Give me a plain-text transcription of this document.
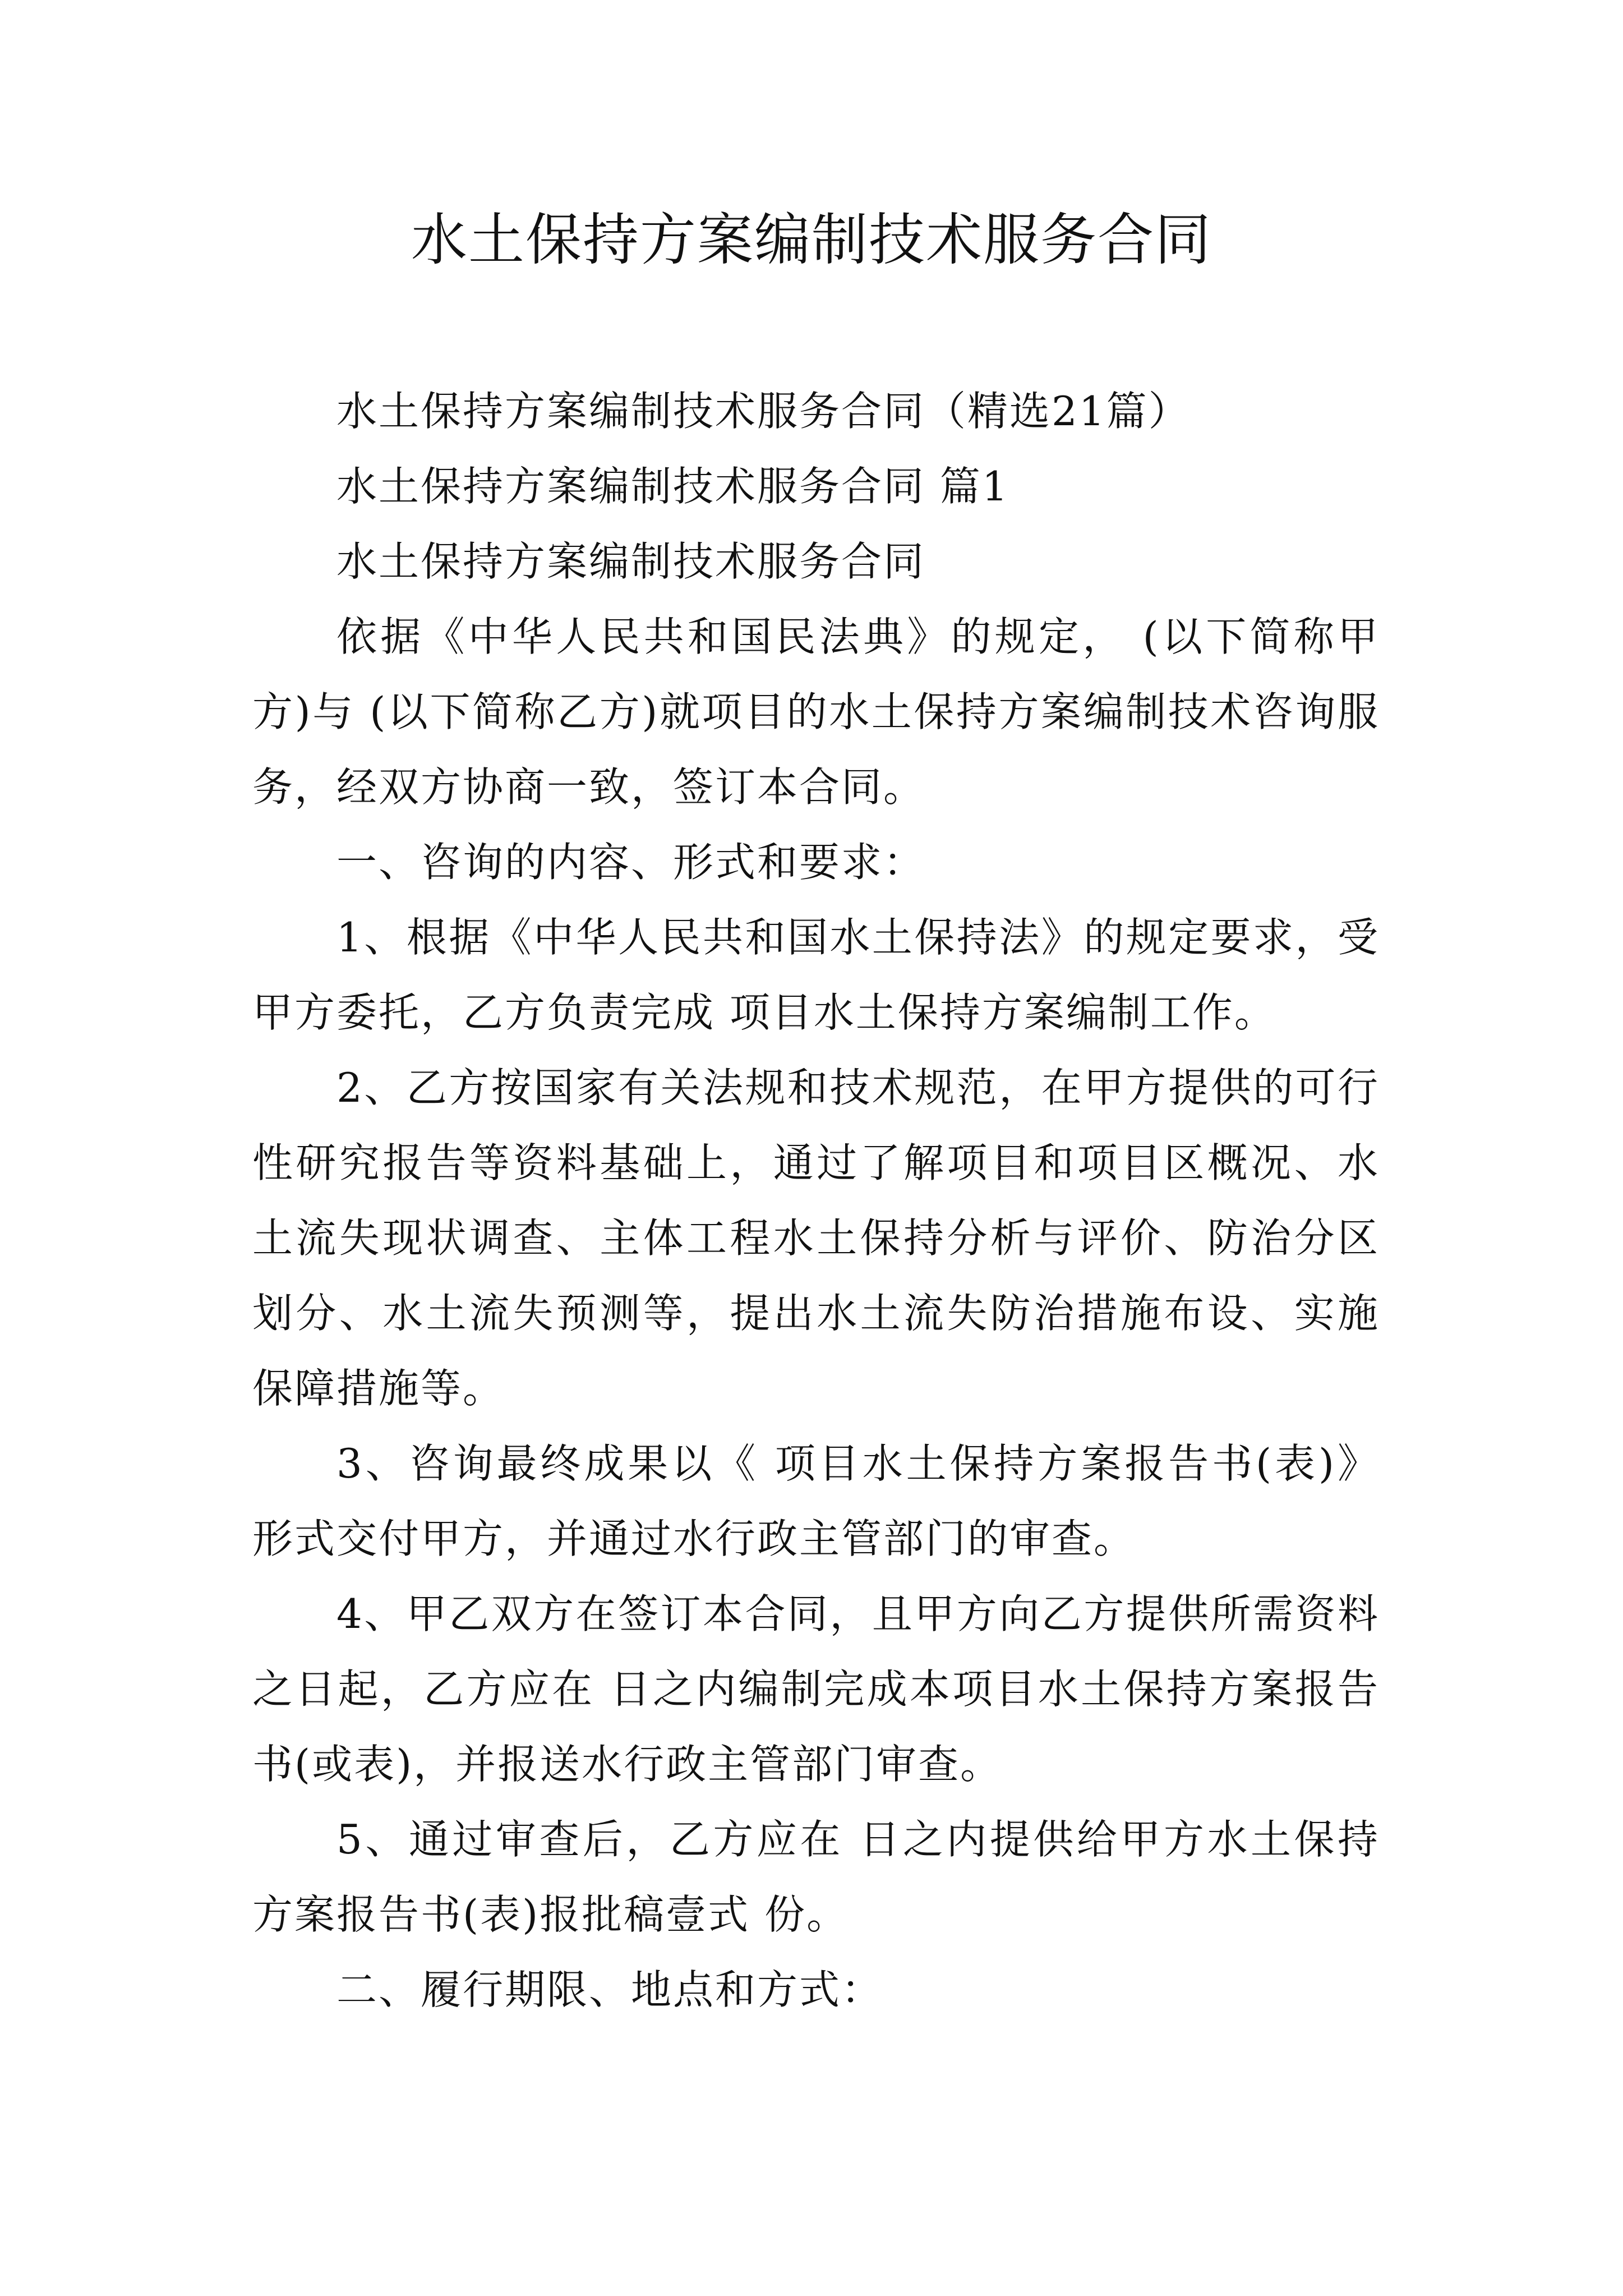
水土保持方案编制技术服务合同

水土保持方案编制技术服务合同（精选21篇）

水土保持方案编制技术服务合同 篇1

水土保持方案编制技术服务合同

依据《中华人民共和国民法典》的规定， (以下简称甲方)与 (以下简称乙方)就项目的水土保持方案编制技术咨询服务，经双方协商一致，签订本合同。

一、咨询的内容、形式和要求：

1、根据《中华人民共和国水土保持法》的规定要求，受甲方委托，乙方负责完成 项目水土保持方案编制工作。

2、乙方按国家有关法规和技术规范，在甲方提供的可行性研究报告等资料基础上，通过了解项目和项目区概况、水土流失现状调查、主体工程水土保持分析与评价、防治分区划分、水土流失预测等，提出水土流失防治措施布设、实施保障措施等。

3、咨询最终成果以《 项目水土保持方案报告书(表)》形式交付甲方，并通过水行政主管部门的审查。

4、甲乙双方在签订本合同，且甲方向乙方提供所需资料之日起，乙方应在 日之内编制完成本项目水土保持方案报告书(或表)，并报送水行政主管部门审查。

5、通过审查后，乙方应在 日之内提供给甲方水土保持方案报告书(表)报批稿壹式 份。

二、履行期限、地点和方式：
